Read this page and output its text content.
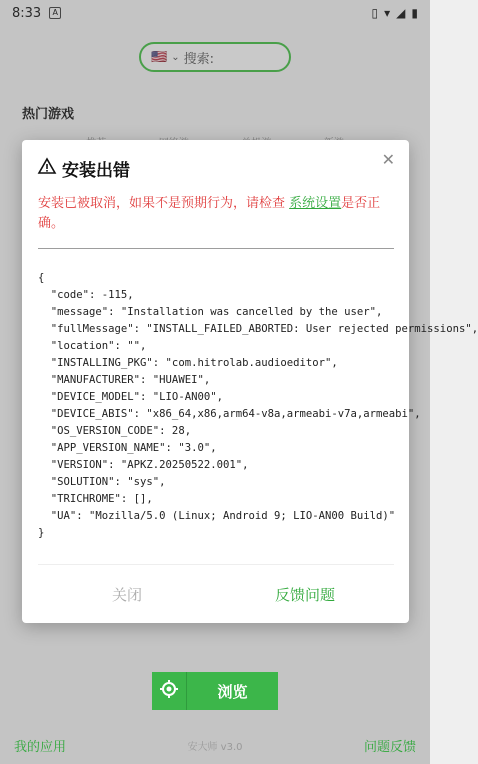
8:33	A	▯ ▾ ◢ ▮
🇺🇸 ⌄ 搜索:
热门游戏
安装出错
✕
安装已被取消，如果不是预期行为，请检查 系统设置是否正确。
{
"code": -115,
"message": "Installation was cancelled by the user",
"fullMessage": "INSTALL_FAILED_ABORTED: User rejected permissions",
"location": "",
"INSTALLING_PKG": "com.hitrolab.audioeditor",
"MANUFACTURER": "HUAWEI",
"DEVICE_MODEL": "LIO-AN00",
"DEVICE_ABIS": "x86_64,x86,arm64-v8a,armeabi-v7a,armeabi",
"OS_VERSION_CODE": 28,
"APP_VERSION_NAME": "3.0",
"VERSION": "APKZ.20250522.001",
"SOLUTION": "sys",
"TRICHROME": [],
"UA": "Mozilla/5.0 (Linux; Android 9; LIO-AN00 Build)"
}
关闭	反馈问题
浏览
我的应用	安大师 v3.0	问题反馈
